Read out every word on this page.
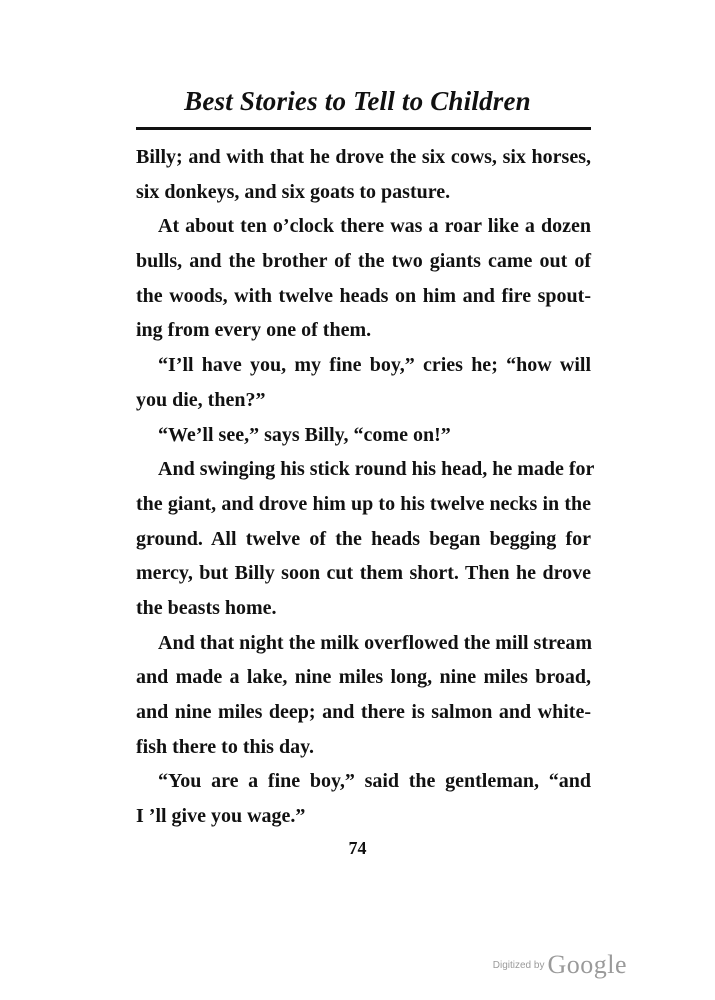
Best Stories to Tell to Children
Billy; and with that he drove the six cows, six horses,
six donkeys, and six goats to pasture.
At about ten o’clock there was a roar like a dozen
bulls, and the brother of the two giants came out of
the woods, with twelve heads on him and fire spout-
ing from every one of them.
“I’ll have you, my fine boy,” cries he; “how will
you die, then?”
“We’ll see,” says Billy, “come on!”
And swinging his stick round his head, he made for
the giant, and drove him up to his twelve necks in the
ground. All twelve of the heads began begging for
mercy, but Billy soon cut them short. Then he drove
the beasts home.
And that night the milk overflowed the mill stream
and made a lake, nine miles long, nine miles broad,
and nine miles deep; and there is salmon and white-
fish there to this day.
“You are a fine boy,” said the gentleman, “and
I ’ll give you wage.”
74
Digitized by Google
